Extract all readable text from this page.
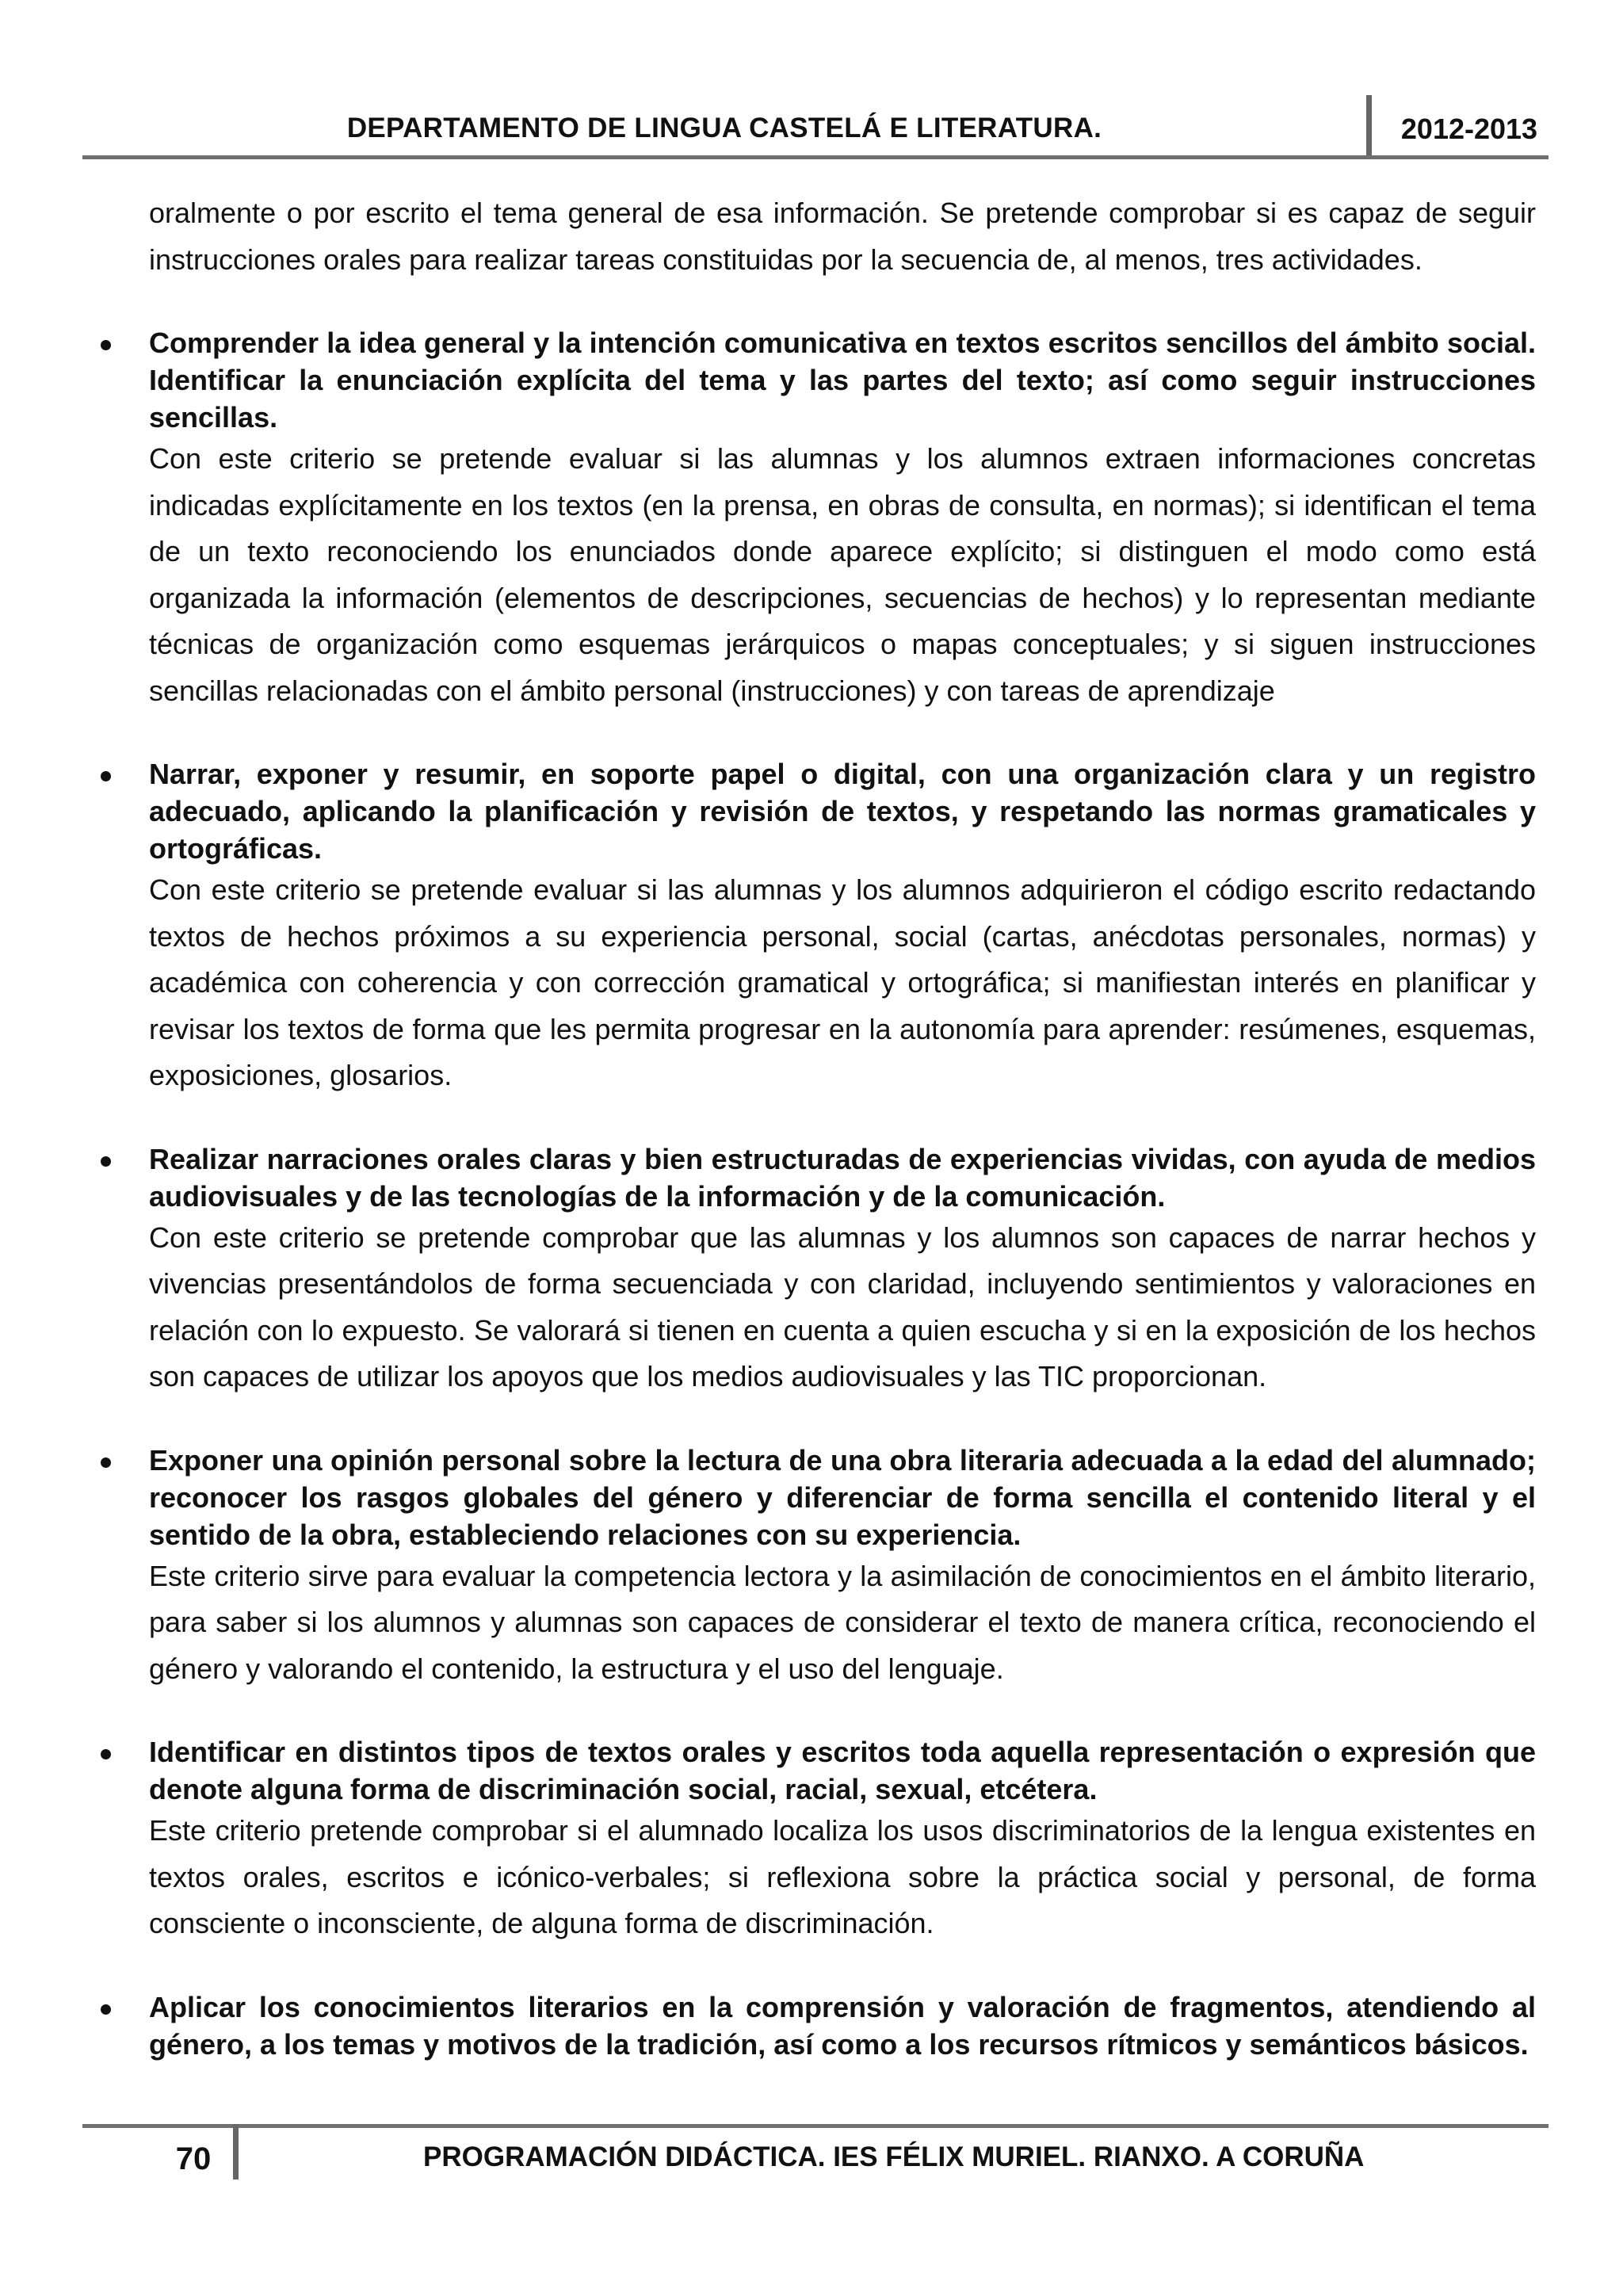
DEPARTAMENTO DE LINGUA CASTELÁ E LITERATURA.	2012-2013

oralmente o por escrito el tema general de esa información. Se pretende comprobar si es capaz de seguir instrucciones orales para realizar tareas constituidas por la secuencia de, al menos, tres actividades.

Comprender la idea general y la intención comunicativa en textos escritos sencillos del ámbito social. Identificar la enunciación explícita del tema y las partes del texto; así como seguir instrucciones sencillas.

Con este criterio se pretende evaluar si las alumnas y los alumnos extraen informaciones concretas indicadas explícitamente en los textos (en la prensa, en obras de consulta, en normas); si identifican el tema de un texto reconociendo los enunciados donde aparece explícito; si distinguen el modo como está organizada la información (elementos de descripciones, secuencias de hechos) y lo representan mediante técnicas de organización como esquemas jerárquicos o mapas conceptuales; y si siguen instrucciones sencillas relacionadas con el ámbito personal (instrucciones) y con tareas de aprendizaje

Narrar, exponer y resumir, en soporte papel o digital, con una organización clara y un registro adecuado, aplicando la planificación y revisión de textos, y respetando las normas gramaticales y ortográficas.

Con este criterio se pretende evaluar si las alumnas y los alumnos adquirieron el código escrito redactando textos de hechos próximos a su experiencia personal, social (cartas, anécdotas personales, normas) y académica con coherencia y con corrección gramatical y ortográfica; si manifiestan interés en planificar y revisar los textos de forma que les permita progresar en la autonomía para aprender: resúmenes, esquemas, exposiciones, glosarios.

Realizar narraciones orales claras y bien estructuradas de experiencias vividas, con ayuda de medios audiovisuales y de las tecnologías de la información y de la comunicación.

Con este criterio se pretende comprobar que las alumnas y los alumnos son capaces de narrar hechos y vivencias presentándolos de forma secuenciada y con claridad, incluyendo sentimientos y valoraciones en relación con lo expuesto. Se valorará si tienen en cuenta a quien escucha y si en la exposición de los hechos son capaces de utilizar los apoyos que los medios audiovisuales y las TIC proporcionan.

Exponer una opinión personal sobre la lectura de una obra literaria adecuada a la edad del alumnado; reconocer los rasgos globales del género y diferenciar de forma sencilla el contenido literal y el sentido de la obra, estableciendo relaciones con su experiencia.

Este criterio sirve para evaluar la competencia lectora y la asimilación de conocimientos en el ámbito literario, para saber si los alumnos y alumnas son capaces de considerar el texto de manera crítica, reconociendo el género y valorando el contenido, la estructura y el uso del lenguaje.

Identificar en distintos tipos de textos orales y escritos toda aquella representación o expresión que denote alguna forma de discriminación social, racial, sexual, etcétera.

Este criterio pretende comprobar si el alumnado localiza los usos discriminatorios de la lengua existentes en textos orales, escritos e icónico-verbales; si reflexiona sobre la práctica social y personal, de forma consciente o inconsciente, de alguna forma de discriminación.

Aplicar los conocimientos literarios en la comprensión y valoración de fragmentos, atendiendo al género, a los temas y motivos de la tradición, así como a los recursos rítmicos y semánticos básicos.

70	PROGRAMACIÓN DIDÁCTICA. IES FÉLIX MURIEL. RIANXO. A CORUÑA
